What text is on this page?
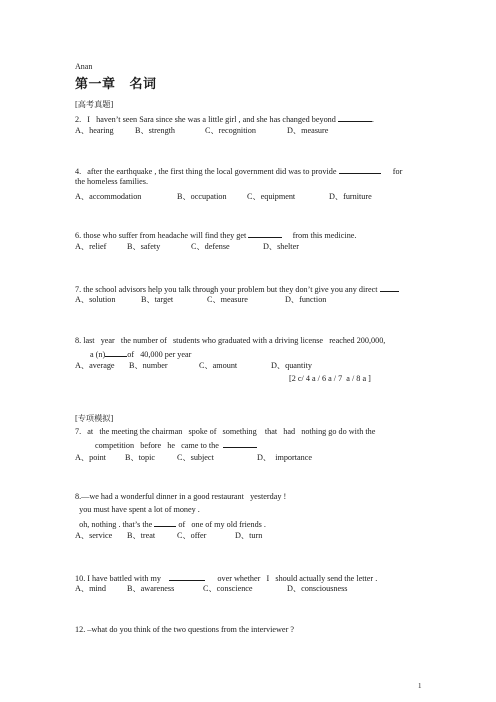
Anan
第一章 名词
[高考真题]
2.   I   haven’t seen Sara since she was a little girl , and she has changed beyond	.
A、hearing	B、strength	C、recognition	D、measure
4.   after the earthquake , the first thing the local government did was to provide	for
the homeless families.
A、accommodation	B、occupation C、equipment	D、furniture
6. those who suffer from headache will find they get	from this medicine.
A、relief	B、safety	C、defense	D、shelter
7. the school advisors help you talk through your problem but they don’t give you any direct
A、solution	B、target	C、measure	D、function
8. last   year   the number of   students who graduated with a driving license   reached 200,000,
a (n)	of   40,000 per year
A、average B、number	C、amount	D、quantity
[2 c/ 4 a / 6 a / 7  a / 8 a ]
[专项模拟]
7.   at   the meeting the chairman   spoke of   something    that   had   nothing go do with the
competition   before   he   came to the
A、point B、topic	C、subject	D、  importance
8.—we had a wonderful dinner in a good restaurant   yesterday !
you must have spent a lot of money .
oh, nothing . that’s the	of   one of my old friends .
A、service B、treat	C、offer	D、turn
10. I have battled with my	over whether   I   should actually send the letter .
A、mind	B、awareness	C、conscience	D、consciousness
12. –what do you think of the two questions from the interviewer ?
1
